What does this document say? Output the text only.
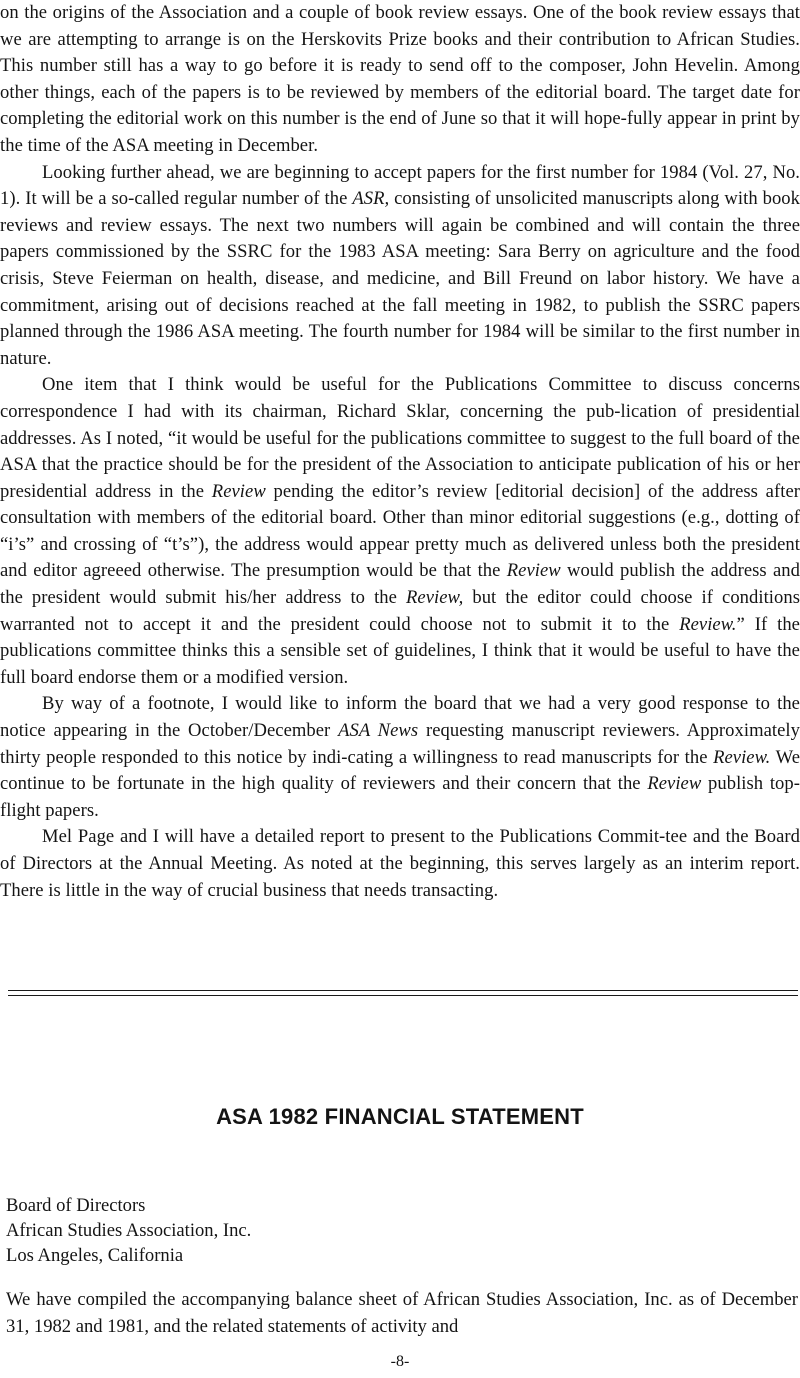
on the origins of the Association and a couple of book review essays. One of the book review essays that we are attempting to arrange is on the Herskovits Prize books and their contribution to African Studies. This number still has a way to go before it is ready to send off to the composer, John Hevelin. Among other things, each of the papers is to be reviewed by members of the editorial board. The target date for completing the editorial work on this number is the end of June so that it will hope-fully appear in print by the time of the ASA meeting in December.

Looking further ahead, we are beginning to accept papers for the first number for 1984 (Vol. 27, No. 1). It will be a so-called regular number of the ASR, consisting of unsolicited manuscripts along with book reviews and review essays. The next two numbers will again be combined and will contain the three papers commissioned by the SSRC for the 1983 ASA meeting: Sara Berry on agriculture and the food crisis, Steve Feierman on health, disease, and medicine, and Bill Freund on labor history. We have a commitment, arising out of decisions reached at the fall meeting in 1982, to publish the SSRC papers planned through the 1986 ASA meeting. The fourth number for 1984 will be similar to the first number in nature.

One item that I think would be useful for the Publications Committee to discuss concerns correspondence I had with its chairman, Richard Sklar, concerning the pub-lication of presidential addresses. As I noted, “it would be useful for the publications committee to suggest to the full board of the ASA that the practice should be for the president of the Association to anticipate publication of his or her presidential address in the Review pending the editor’s review [editorial decision] of the address after consultation with members of the editorial board. Other than minor editorial suggestions (e.g., dotting of “i’s” and crossing of “t’s”), the address would appear pretty much as delivered unless both the president and editor agreeed otherwise. The presumption would be that the Review would publish the address and the president would submit his/her address to the Review, but the editor could choose if conditions warranted not to accept it and the president could choose not to submit it to the Review.” If the publications committee thinks this a sensible set of guidelines, I think that it would be useful to have the full board endorse them or a modified version.

By way of a footnote, I would like to inform the board that we had a very good response to the notice appearing in the October/December ASA News requesting manuscript reviewers. Approximately thirty people responded to this notice by indi-cating a willingness to read manuscripts for the Review. We continue to be fortunate in the high quality of reviewers and their concern that the Review publish top-flight papers.

Mel Page and I will have a detailed report to present to the Publications Commit-tee and the Board of Directors at the Annual Meeting. As noted at the beginning, this serves largely as an interim report. There is little in the way of crucial business that needs transacting.

ASA 1982 FINANCIAL STATEMENT
Board of Directors
African Studies Association, Inc.
Los Angeles, California
We have compiled the accompanying balance sheet of African Studies Association, Inc. as of December 31, 1982 and 1981, and the related statements of activity and
-8-
